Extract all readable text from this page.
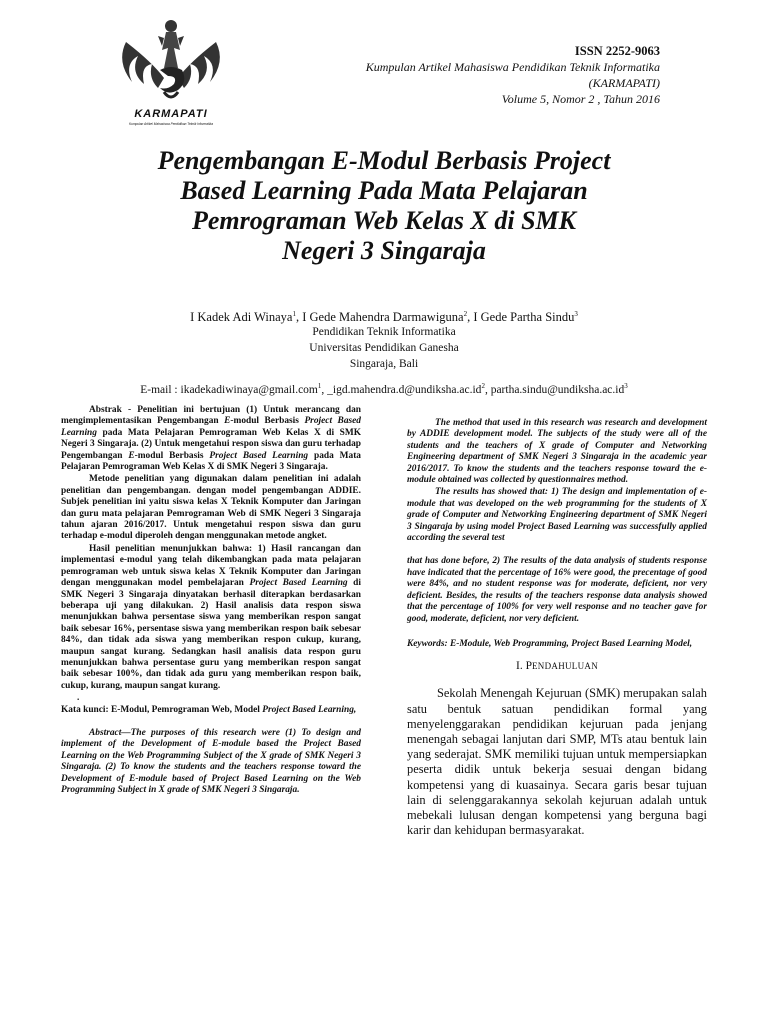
KARMAPATI
Kumpulan Artikel Mahasiswa Pendidikan Teknik Informatika
ISSN 2252-9063
Kumpulan Artikel Mahasiswa Pendidikan Teknik Informatika
(KARMAPATI)
Volume 5, Nomor 2 , Tahun 2016
Pengembangan E-Modul Berbasis Project
Based Learning Pada Mata Pelajaran
Pemrograman Web Kelas X di SMK
Negeri 3 Singaraja
I Kadek Adi Winaya$^1$, I Gede Mahendra Darmawiguna$^2$, I Gede Partha Sindu$^3$
Pendidikan Teknik Informatika
Universitas Pendidikan Ganesha
Singaraja, Bali
E-mail : ikadekadiwinaya@gmail.com$^1$, $\_igd.mahendra.d@undiksha.ac.id^2$, $partha.sindu@undiksha.ac.id^3$

Abstrak - Penelitian ini bertujuan (1) Untuk merancang dan mengimplementasikan Pengembangan E-modul Berbasis Project Based Learning pada Mata Pelajaran Pemrograman Web Kelas X di SMK Negeri 3 Singaraja. (2) Untuk mengetahui respon siswa dan guru terhadap Pengembangan E-modul Berbasis Project Based Learning pada Mata Pelajaran Pemrograman Web Kelas X di SMK Negeri 3 Singaraja.

Metode penelitian yang digunakan dalam penelitian ini adalah penelitian dan pengembangan. dengan model pengembangan ADDIE. Subjek penelitian ini yaitu siswa kelas X Teknik Komputer dan Jaringan dan guru mata pelajaran Pemrograman Web di SMK Negeri 3 Singaraja tahun ajaran 2016/2017. Untuk mengetahui respon siswa dan guru terhadap e-modul diperoleh dengan menggunakan metode angket.

Hasil penelitian menunjukkan bahwa: 1) Hasil rancangan dan implementasi e-modul yang telah dikembangkan pada mata pelajaran pemrograman web untuk siswa kelas X Teknik Komputer dan Jaringan dengan menggunakan model pembelajaran Project Based Learning di SMK Negeri 3 Singaraja dinyatakan berhasil diterapkan berdasarkan beberapa uji yang dilakukan. 2) Hasil analisis data respon siswa menunjukkan bahwa persentase siswa yang memberikan respon sangat baik sebesar 16%, persentase siswa yang memberikan respon baik sebesar 84%, dan tidak ada siswa yang memberikan respon cukup, kurang, maupun sangat kurang. Sedangkan hasil analisis data respon guru menunjukkan bahwa persentase guru yang memberikan respon sangat baik sebesar 100%, dan tidak ada guru yang memberikan respon baik, cukup, kurang, maupun sangat kurang.

.

Kata kunci: E-Modul, Pemrograman Web, Model Project Based Learning,

Abstract—The purposes of this research were (1) To design and implement of the Development of E-module based the Project Based Learning on the Web Programming Subject of the X grade of SMK Negeri 3 Singaraja. (2) To know the students and the teachers response toward the Development of E-module based of Project Based Learning on the Web Programming Subject in X grade of SMK Negeri 3 Singaraja.

The method that used in this research was research and development by ADDIE development model. The subjects of the study were all of the students and the teachers of X grade of Computer and Networking Engineering department of SMK Negeri 3 Singaraja in the academic year 2016/2017. To know the students and the teachers response toward the e-module obtained was collected by questionnaires method.

The results has showed that: 1) The design and implementation of e-module that was developed on the web programming for the students of X grade of Computer and Networking Engineering department of SMK Negeri 3 Singaraja by using model Project Based Learning was successfully applied according the several test

that has done before, 2) The results of the data analysis of students response have indicated that the percentage of 16% were good, the precentage of good were 84%, and no student response was for moderate, deficient, nor very deficient. Besides, the results of the teachers response data analysis showed that the percentage of 100% for very well response and no teacher gave for good, moderate, deficient, nor very deficient.

Keywords: E-Module, Web Programming, Project Based Learning Model,

I. PENDAHULUAN

Sekolah Menengah Kejuruan (SMK) merupakan salah satu bentuk satuan pendidikan formal yang menyelenggarakan pendidikan kejuruan pada jenjang menengah sebagai lanjutan dari SMP, MTs atau bentuk lain yang sederajat. SMK memiliki tujuan untuk mempersiapkan peserta didik untuk bekerja sesuai dengan bidang kompetensi yang di kuasainya. Secara garis besar tujuan lain di selenggarakannya sekolah kejuruan adalah untuk mebekali lulusan dengan kompetensi yang berguna bagi karir dan kehidupan bermasyarakat.
